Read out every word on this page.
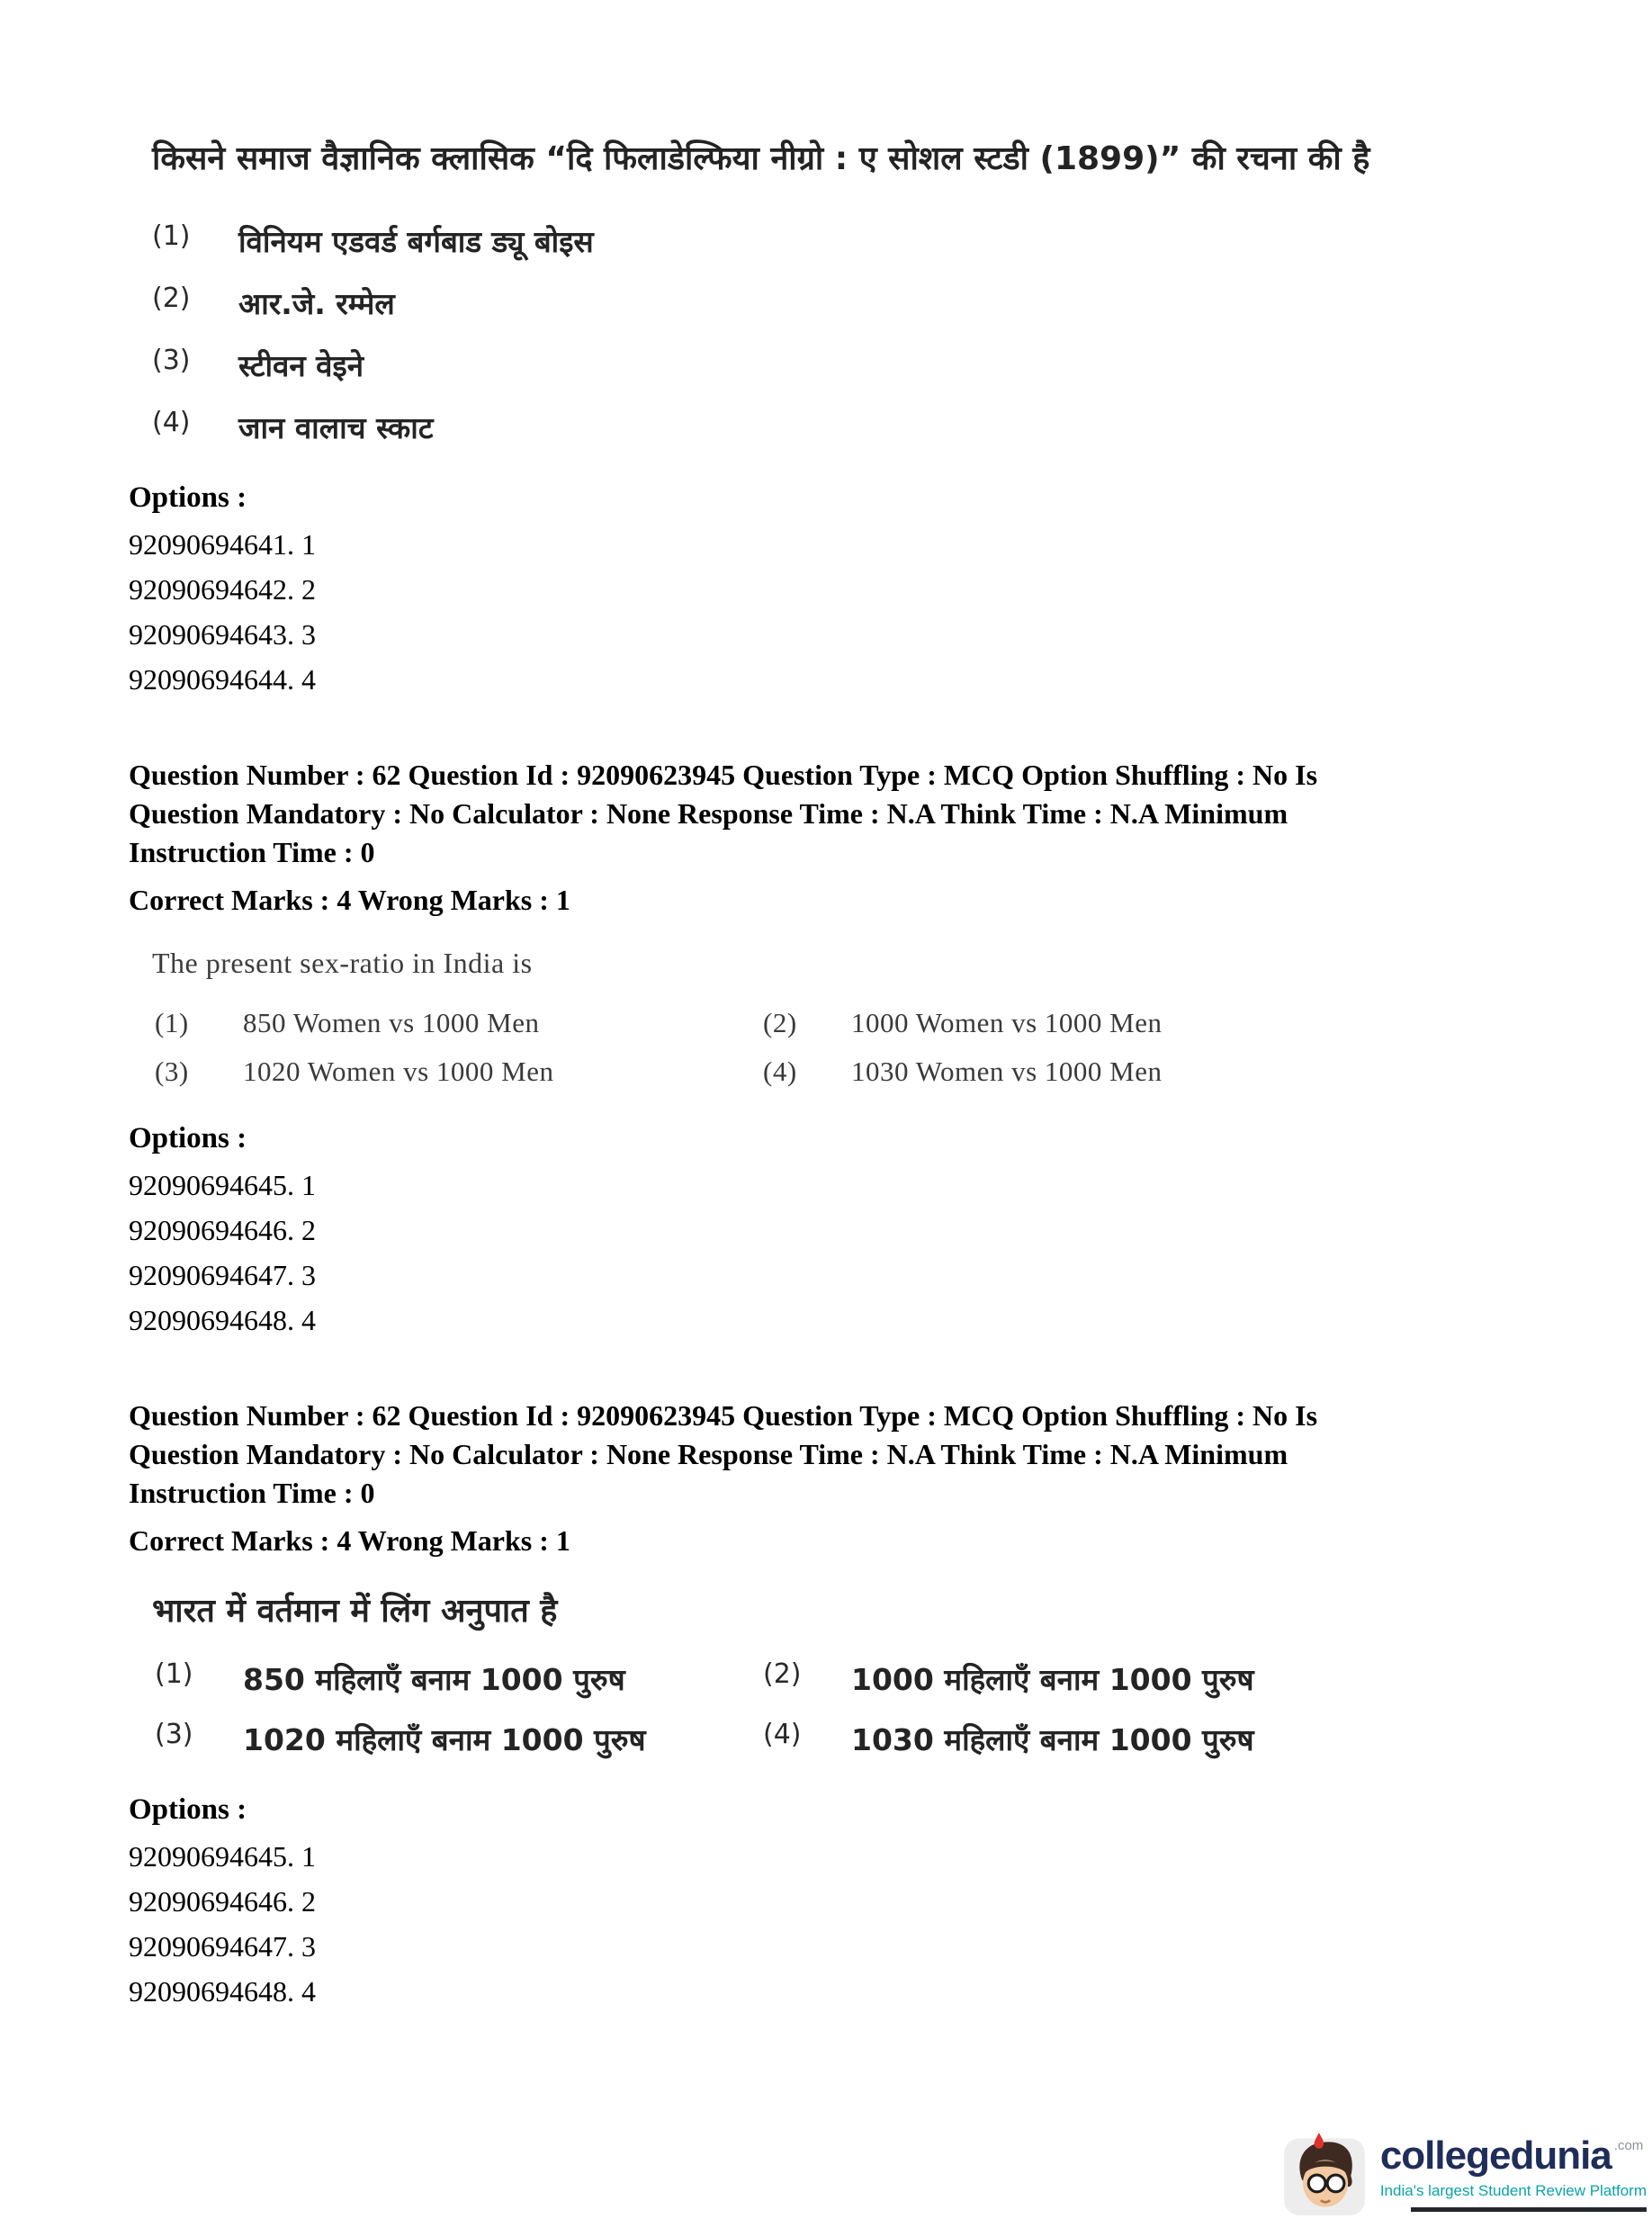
किसने समाज वैज्ञानिक क्लासिक “दि फिलाडेल्फिया नीग्रो : ए सोशल स्टडी (1899)” की रचना की है
(1)	विनियम एडवर्ड बर्गबाड ड्यू बोइस
(2)	आर.जे. रम्मेल
(3)	स्टीवन वेइने
(4)	जान वालाच स्काट
Options :
92090694641. 1
92090694642. 2
92090694643. 3
92090694644. 4
Question Number : 62 Question Id : 92090623945 Question Type : MCQ Option Shuffling : No Is
Question Mandatory : No Calculator : None Response Time : N.A Think Time : N.A Minimum
Instruction Time : 0
Correct Marks : 4 Wrong Marks : 1
The present sex-ratio in India is
(1)	850 Women vs 1000 Men	(2)	1000 Women vs 1000 Men
(3)	1020 Women vs 1000 Men	(4)	1030 Women vs 1000 Men
Options :
92090694645. 1
92090694646. 2
92090694647. 3
92090694648. 4
Question Number : 62 Question Id : 92090623945 Question Type : MCQ Option Shuffling : No Is
Question Mandatory : No Calculator : None Response Time : N.A Think Time : N.A Minimum
Instruction Time : 0
Correct Marks : 4 Wrong Marks : 1
भारत में वर्तमान में लिंग अनुपात है
(1)	850 महिलाएँ बनाम 1000 पुरुष	(2)	1000 महिलाएँ बनाम 1000 पुरुष
(3)	1020 महिलाएँ बनाम 1000 पुरुष	(4)	1030 महिलाएँ बनाम 1000 पुरुष
Options :
92090694645. 1
92090694646. 2
92090694647. 3
92090694648. 4
collegedunia .com
India's largest Student Review Platform
